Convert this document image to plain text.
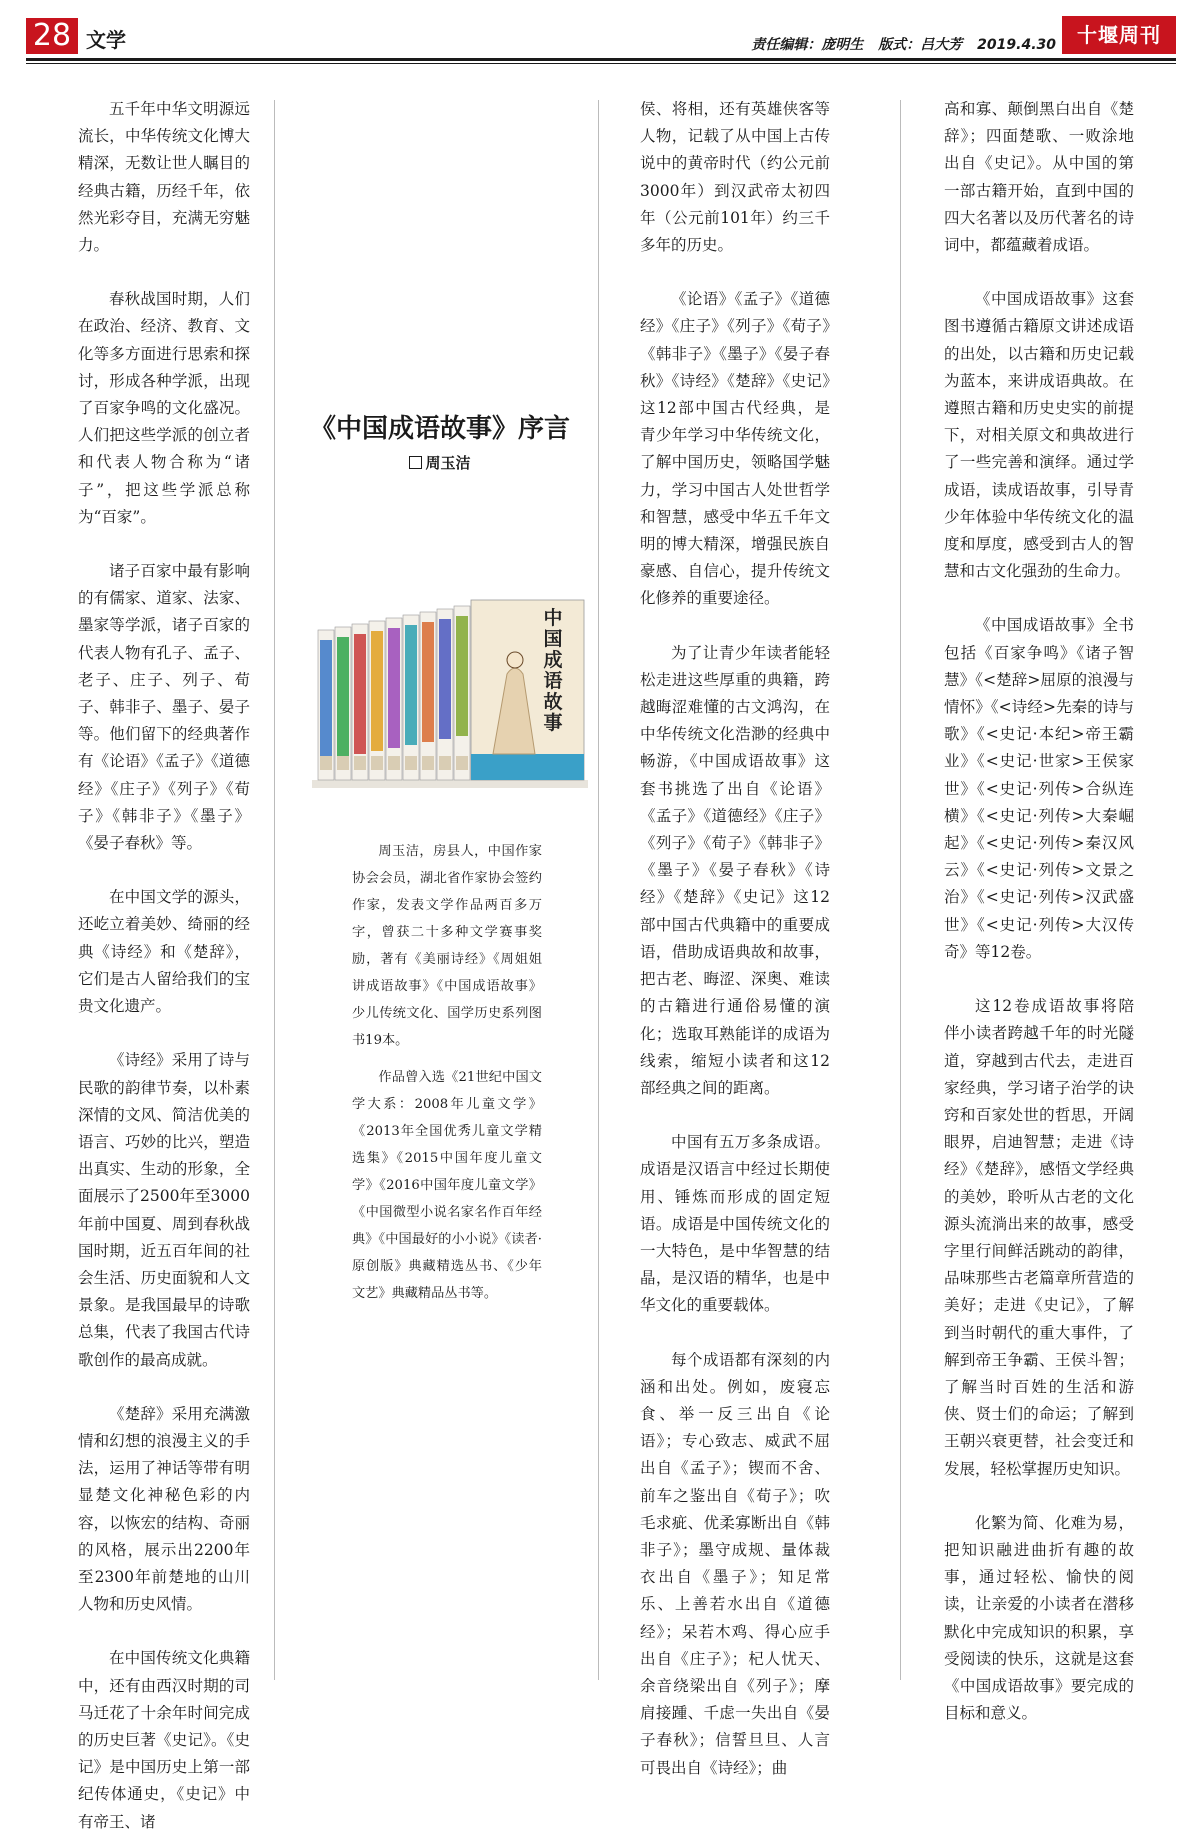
28 文学	责任编辑：庞明生 版式：吕大芳 2019.4.30	十堰周刊

五千年中华文明源远流长，中华传统文化博大精深，无数让世人瞩目的经典古籍，历经千年，依然光彩夺目，充满无穷魅力。

春秋战国时期，人们在政治、经济、教育、文化等多方面进行思索和探讨，形成各种学派，出现了百家争鸣的文化盛况。人们把这些学派的创立者和代表人物合称为“诸子”，把这些学派总称为“百家”。

诸子百家中最有影响的有儒家、道家、法家、墨家等学派，诸子百家的代表人物有孔子、孟子、老子、庄子、列子、荀子、韩非子、墨子、晏子等。他们留下的经典著作有《论语》《孟子》《道德经》《庄子》《列子》《荀子》《韩非子》《墨子》《晏子春秋》等。

在中国文学的源头，还屹立着美妙、绮丽的经典《诗经》和《楚辞》，它们是古人留给我们的宝贵文化遗产。

《诗经》采用了诗与民歌的韵律节奏，以朴素深情的文风、简洁优美的语言、巧妙的比兴，塑造出真实、生动的形象，全面展示了2500年至3000年前中国夏、周到春秋战国时期，近五百年间的社会生活、历史面貌和人文景象。是我国最早的诗歌总集，代表了我国古代诗歌创作的最高成就。

《楚辞》采用充满激情和幻想的浪漫主义的手法，运用了神话等带有明显楚文化神秘色彩的内容，以恢宏的结构、奇丽的风格，展示出2200年至2300年前楚地的山川人物和历史风情。

在中国传统文化典籍中，还有由西汉时期的司马迁花了十余年时间完成的历史巨著《史记》。《史记》是中国历史上第一部纪传体通史，《史记》中有帝王、诸

《中国成语故事》序言
周玉洁
中
国
成
语
故
事

周玉洁，房县人，中国作家协会会员，湖北省作家协会签约作家，发表文学作品两百多万字，曾获二十多种文学赛事奖励，著有《美丽诗经》《周姐姐讲成语故事》《中国成语故事》少儿传统文化、国学历史系列图书19本。

作品曾入选《21世纪中国文学大系：2008年儿童文学》《2013年全国优秀儿童文学精选集》《2015中国年度儿童文学》《2016中国年度儿童文学》《中国微型小说名家名作百年经典》《中国最好的小小说》《读者·原创版》典藏精选丛书、《少年文艺》典藏精品丛书等。

侯、将相，还有英雄侠客等人物，记载了从中国上古传说中的黄帝时代（约公元前3000年）到汉武帝太初四年（公元前101年）约三千多年的历史。

《论语》《孟子》《道德经》《庄子》《列子》《荀子》《韩非子》《墨子》《晏子春秋》《诗经》《楚辞》《史记》这12部中国古代经典，是青少年学习中华传统文化，了解中国历史，领略国学魅力，学习中国古人处世哲学和智慧，感受中华五千年文明的博大精深，增强民族自豪感、自信心，提升传统文化修养的重要途径。

为了让青少年读者能轻松走进这些厚重的典籍，跨越晦涩难懂的古文鸿沟，在中华传统文化浩渺的经典中畅游，《中国成语故事》这套书挑选了出自《论语》《孟子》《道德经》《庄子》《列子》《荀子》《韩非子》《墨子》《晏子春秋》《诗经》《楚辞》《史记》这12部中国古代典籍中的重要成语，借助成语典故和故事，把古老、晦涩、深奥、难读的古籍进行通俗易懂的演化；选取耳熟能详的成语为线索，缩短小读者和这12部经典之间的距离。

中国有五万多条成语。成语是汉语言中经过长期使用、锤炼而形成的固定短语。成语是中国传统文化的一大特色，是中华智慧的结晶，是汉语的精华，也是中华文化的重要载体。

每个成语都有深刻的内涵和出处。例如，废寝忘食、举一反三出自《论语》；专心致志、威武不屈出自《孟子》；锲而不舍、前车之鉴出自《荀子》；吹毛求疵、优柔寡断出自《韩非子》；墨守成规、量体裁衣出自《墨子》；知足常乐、上善若水出自《道德经》；呆若木鸡、得心应手出自《庄子》；杞人忧天、余音绕梁出自《列子》；摩肩接踵、千虑一失出自《晏子春秋》；信誓旦旦、人言可畏出自《诗经》；曲

高和寡、颠倒黑白出自《楚辞》；四面楚歌、一败涂地出自《史记》。从中国的第一部古籍开始，直到中国的四大名著以及历代著名的诗词中，都蕴藏着成语。

《中国成语故事》这套图书遵循古籍原文讲述成语的出处，以古籍和历史记载为蓝本，来讲成语典故。在遵照古籍和历史史实的前提下，对相关原文和典故进行了一些完善和演绎。通过学成语，读成语故事，引导青少年体验中华传统文化的温度和厚度，感受到古人的智慧和古文化强劲的生命力。

《中国成语故事》全书包括《百家争鸣》《诸子智慧》《<楚辞>屈原的浪漫与情怀》《<诗经>先秦的诗与歌》《<史记·本纪>帝王霸业》《<史记·世家>王侯家世》《<史记·列传>合纵连横》《<史记·列传>大秦崛起》《<史记·列传>秦汉风云》《<史记·列传>文景之治》《<史记·列传>汉武盛世》《<史记·列传>大汉传奇》等12卷。

这12卷成语故事将陪伴小读者跨越千年的时光隧道，穿越到古代去，走进百家经典，学习诸子治学的诀窍和百家处世的哲思，开阔眼界，启迪智慧；走进《诗经》《楚辞》，感悟文学经典的美妙，聆听从古老的文化源头流淌出来的故事，感受字里行间鲜活跳动的韵律，品味那些古老篇章所营造的美好；走进《史记》，了解到当时朝代的重大事件，了解到帝王争霸、王侯斗智；了解当时百姓的生活和游侠、贤士们的命运；了解到王朝兴衰更替，社会变迁和发展，轻松掌握历史知识。

化繁为简、化难为易，把知识融进曲折有趣的故事，通过轻松、愉快的阅读，让亲爱的小读者在潜移默化中完成知识的积累，享受阅读的快乐，这就是这套《中国成语故事》要完成的目标和意义。
